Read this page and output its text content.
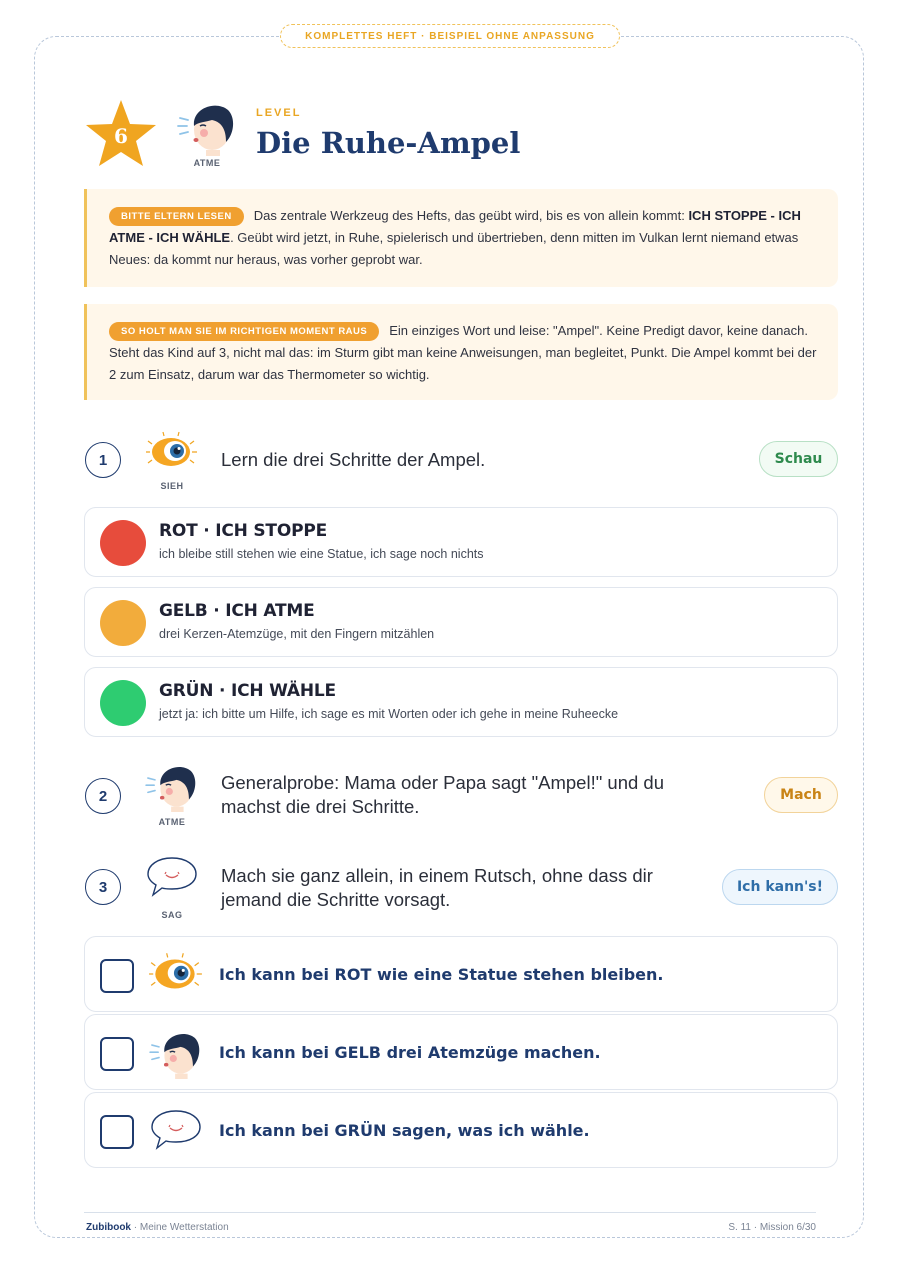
KOMPLETTES HEFT · BEISPIEL OHNE ANPASSUNG
6
ATME
LEVEL
Die Ruhe-Ampel
BITTE ELTERN LESEN Das zentrale Werkzeug des Hefts, das geübt wird, bis es von allein kommt: ICH STOPPE - ICH ATME - ICH WÄHLE. Geübt wird jetzt, in Ruhe, spielerisch und übertrieben, denn mitten im Vulkan lernt niemand etwas Neues: da kommt nur heraus, was vorher geprobt war.
SO HOLT MAN SIE IM RICHTIGEN MOMENT RAUS Ein einziges Wort und leise: "Ampel". Keine Predigt davor, keine danach. Steht das Kind auf 3, nicht mal das: im Sturm gibt man keine Anweisungen, man begleitet, Punkt. Die Ampel kommt bei der 2 zum Einsatz, darum war das Thermometer so wichtig.
1
SIEH
Lern die drei Schritte der Ampel.	Schau
ROT · ICH STOPPE
ich bleibe still stehen wie eine Statue, ich sage noch nichts
GELB · ICH ATME
drei Kerzen-Atemzüge, mit den Fingern mitzählen
GRÜN · ICH WÄHLE
jetzt ja: ich bitte um Hilfe, ich sage es mit Worten oder ich gehe in meine Ruheecke
2
ATME
Generalprobe: Mama oder Papa sagt "Ampel!" und du machst die drei Schritte.
Mach
3
SAG
Mach sie ganz allein, in einem Rutsch, ohne dass dir jemand die Schritte vorsagt.
Ich kann's!
Ich kann bei ROT wie eine Statue stehen bleiben.
Ich kann bei GELB drei Atemzüge machen.
Ich kann bei GRÜN sagen, was ich wähle.
Zubibook · Meine Wetterstation	S. 11 · Mission 6/30
